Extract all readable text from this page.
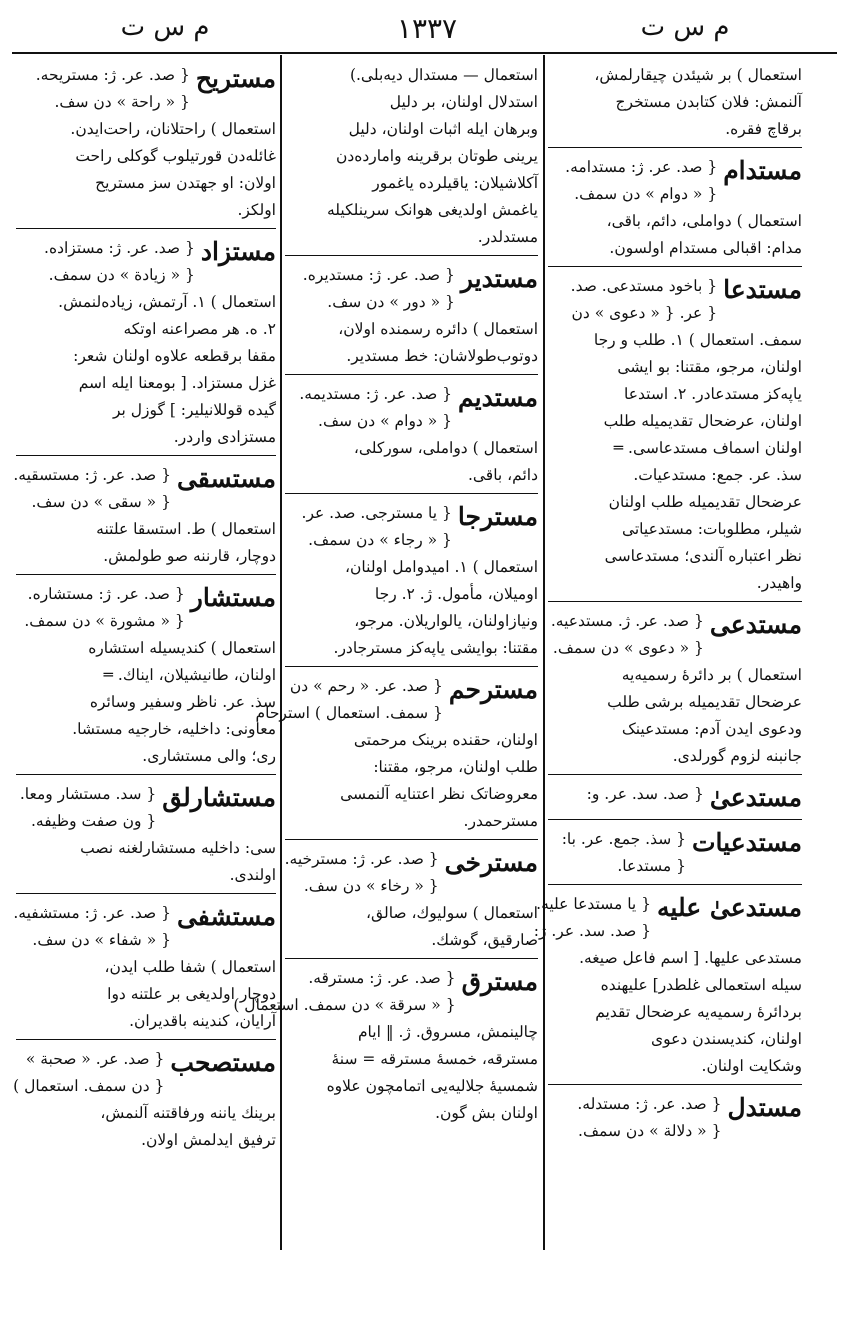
م س ت	١٣٣٧	م س ت
استعمال ) بر شیئدن چیقارلمش،
آلنمش: فلان کتابدن مستخرج
برقاچ فقره.
مستدام
{ صد. عر. ژ: مستدامه.
{ « دوام » دن سمف.
استعمال ) دواملی، دائم، باقی،
مدام: اقبالی مستدام اولسون.
مستدعا
{ باخود مستدعی. صد.
{ عر. { « دعوی » دن
سمف. استعمال ) ١. طلب و رجا
اولنان، مرجو، مقتنا: بو ایشی
یاپه‌کز مستدعادر. ٢. استدعا
اولنان، عرضحال تقدیمیله طلب
اولنان اسماف مستدعاسی. ═
سذ. عر. جمع: مستدعیات.
عرضحال تقدیمیله طلب اولنان
شیلر، مطلوبات: مستدعیاتی
نظر اعتباره آلندی؛ مستدعاسی
واهیدر.
مستدعی
{ صد. عر. ژ. مستدعیه.
{ « دعوی » دن سمف.
استعمال ) بر دائرهٔ رسمیه‌یه
عرضحال تقدیمیله برشی طلب
ودعوی ایدن آدم: مستدعینک
جانبنه لزوم گورلدی.
مستدعیٰ
{ صد. سد. عر. و:
مستدعیات
{ سذ. جمع. عر. با:
{ مستدعا.
مستدعیٰ علیه
{ یا مستدعا علیه.
{ صد. سد. عر. ژ:
مستدعی علیها. [ اسم فاعل صیغه.
سیله استعمالی غلطدر] علیهنده
بردائرهٔ رسمیه‌یه عرضحال تقدیم
اولنان، کندیسندن دعوی
وشکایت اولنان.
مستدل
{ صد. عر. ژ: مستدله.
{ « دلالة » دن سمف.
استعمال — مستدال دیه‌بلی.)
استدلال اولنان، بر دلیل
وبرهان ایله اثبات اولنان، دلیل
یرینی طوتان برقرینه وامارده‌دن
آکلاشیلان: یاقیلرده یاغمور
یاغمش اولدیغی هوانک سرینلکیله
مستدلدر.
مستدیر
{ صد. عر. ژ: مستدیره.
{ « دور » دن سف.
استعمال ) دائره رسمنده اولان،
دوتوب‌طولاشان: خط مستدیر.
مستدیم
{ صد. عر. ژ: مستدیمه.
{ « دوام » دن سف.
استعمال ) دواملی، سورکلی،
دائم، باقی.
مسترجا
{ یا مسترجی. صد. عر.
{ « رجاء » دن سمف.
استعمال ) ١. امیدوامل اولنان،
اومیلان، مأمول. ژ. ٢. رجا
ونیازاولنان، یالواریلان. مرجو،
مقتنا: بوایشی یاپه‌کز مسترجادر.
مسترحم
{ صد. عر. « رحم » دن
{ سمف. استعمال ) استرحام
اولنان، حقنده برینک مرحمتی
طلب اولنان، مرجو، مقتنا:
معروضاتک نظر اعتنایه آلنمسی
مسترحمدر.
مسترخی
{ صد. عر. ژ: مسترخیه.
{ « رخاء » دن سف.
استعمال ) سولیوك، صالق،
صارقیق، گوشك.
مسترق
{ صد. عر. ژ: مسترقه.
{ « سرقة » دن سمف. استعمال )
چالینمش، مسروق. ژ. ‖ ایام
مسترقه، خمسهٔ مسترقه = سنهٔ
شمسیهٔ جلالیه‌یی اتمامچون علاوه
اولنان بش گون.
مستریح
{ صد. عر. ژ: مستریحه.
{ « راحة » دن سف.
استعمال ) راحتلانان، راحت‌ایدن.
غائله‌دن قورتیلوب گوکلی راحت
اولان: او جهتدن سز مستریح
اولکز.
مستزاد
{ صد. عر. ژ: مستزاده.
{ « زیادة » دن سمف.
استعمال ) ١. آرتمش، زیاده‌لنمش.
٢. ه. هر مصراعنه اوتکه
مقفا برقطعه علاوه اولنان شعر:
غزل مستزاد. [ بومعنا ایله اسم
گیده قوللانیلیر: ] گوزل بر
مستزادی واردر.
مستسقی
{ صد. عر. ژ: مستسقیه.
{ « سقی » دن سف.
استعمال ) ط. استسقا علتنه
دوچار، قارننه صو طولمش.
مستشار
{ صد. عر. ژ: مستشاره.
{ « مشورة » دن سمف.
استعمال ) کندیسیله استشاره
اولنان، طانیشیلان، ایناك. ═
سذ. عر. ناظر وسفیر وسائره
معاونی: داخلیه، خارجیه مستشا.
ری؛ والی مستشاری.
مستشارلق
{ سد. مستشار ومعا.
{ ون صفت وظیفه.
سی: داخلیه مستشارلغنه نصب
اولندی.
مستشفی
{ صد. عر. ژ: مستشفیه.
{ « شفاء » دن سف.
استعمال ) شفا طلب ایدن،
دوچار اولدیغی بر علتنه دوا
آرایان، کندینه باقدیران.
مستصحب
{ صد. عر. « صحبة »
{ دن سمف. استعمال )
برینك یاننه ورفاقتنه آلنمش،
ترفیق ایدلمش اولان.
